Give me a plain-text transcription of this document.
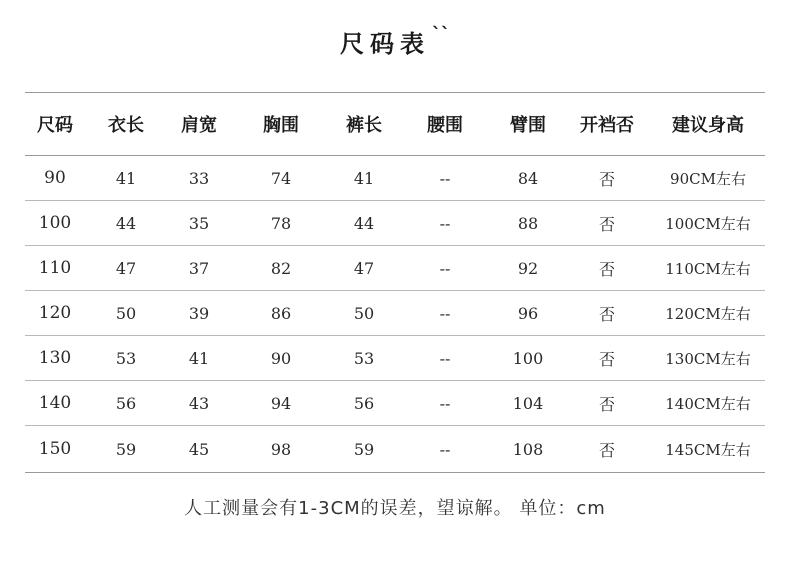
尺码表 ``
尺码	衣长	肩宽	胸围	裤长	腰围	臂围	开裆否	建议身高
90	41	33	74	41	--	84	否	90CM左右
100	44	35	78	44	--	88	否	100CM左右
110	47	37	82	47	--	92	否	110CM左右
120	50	39	86	50	--	96	否	120CM左右
130	53	41	90	53	--	100	否	130CM左右
140	56	43	94	56	--	104	否	140CM左右
150	59	45	98	59	--	108	否	145CM左右
人工测量会有1-3CM的误差，望谅解。 单位：cm
